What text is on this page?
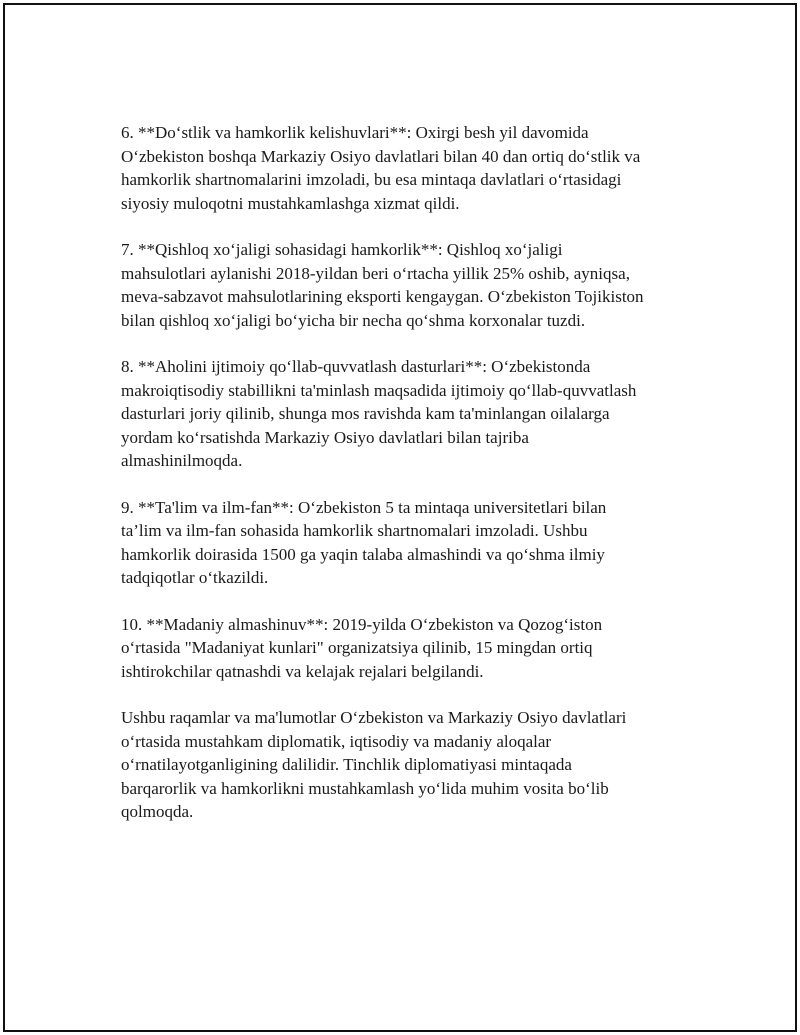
6. **Do‘stlik va hamkorlik kelishuvlari**: Oxirgi besh yil davomida
O‘zbekiston boshqa Markaziy Osiyo davlatlari bilan 40 dan ortiq do‘stlik va
hamkorlik shartnomalarini imzoladi, bu esa mintaqa davlatlari o‘rtasidagi
siyosiy muloqotni mustahkamlashga xizmat qildi.

7. **Qishloq xo‘jaligi sohasidagi hamkorlik**: Qishloq xo‘jaligi
mahsulotlari aylanishi 2018-yildan beri o‘rtacha yillik 25% oshib, ayniqsa,
meva-sabzavot mahsulotlarining eksporti kengaygan. O‘zbekiston Tojikiston
bilan qishloq xo‘jaligi bo‘yicha bir necha qo‘shma korxonalar tuzdi.

8. **Aholini ijtimoiy qo‘llab-quvvatlash dasturlari**: O‘zbekistonda
makroiqtisodiy stabillikni ta'minlash maqsadida ijtimoiy qo‘llab-quvvatlash
dasturlari joriy qilinib, shunga mos ravishda kam ta'minlangan oilalarga
yordam ko‘rsatishda Markaziy Osiyo davlatlari bilan tajriba
almashinilmoqda.

9. **Ta'lim va ilm-fan**: O‘zbekiston 5 ta mintaqa universitetlari bilan
ta’lim va ilm-fan sohasida hamkorlik shartnomalari imzoladi. Ushbu
hamkorlik doirasida 1500 ga yaqin talaba almashindi va qo‘shma ilmiy
tadqiqotlar o‘tkazildi.

10. **Madaniy almashinuv**: 2019-yilda O‘zbekiston va Qozog‘iston
o‘rtasida "Madaniyat kunlari" organizatsiya qilinib, 15 mingdan ortiq
ishtirokchilar qatnashdi va kelajak rejalari belgilandi.

Ushbu raqamlar va ma'lumotlar O‘zbekiston va Markaziy Osiyo davlatlari
o‘rtasida mustahkam diplomatik, iqtisodiy va madaniy aloqalar
o‘rnatilayotganligining dalilidir. Tinchlik diplomatiyasi mintaqada
barqarorlik va hamkorlikni mustahkamlash yo‘lida muhim vosita bo‘lib
qolmoqda.
